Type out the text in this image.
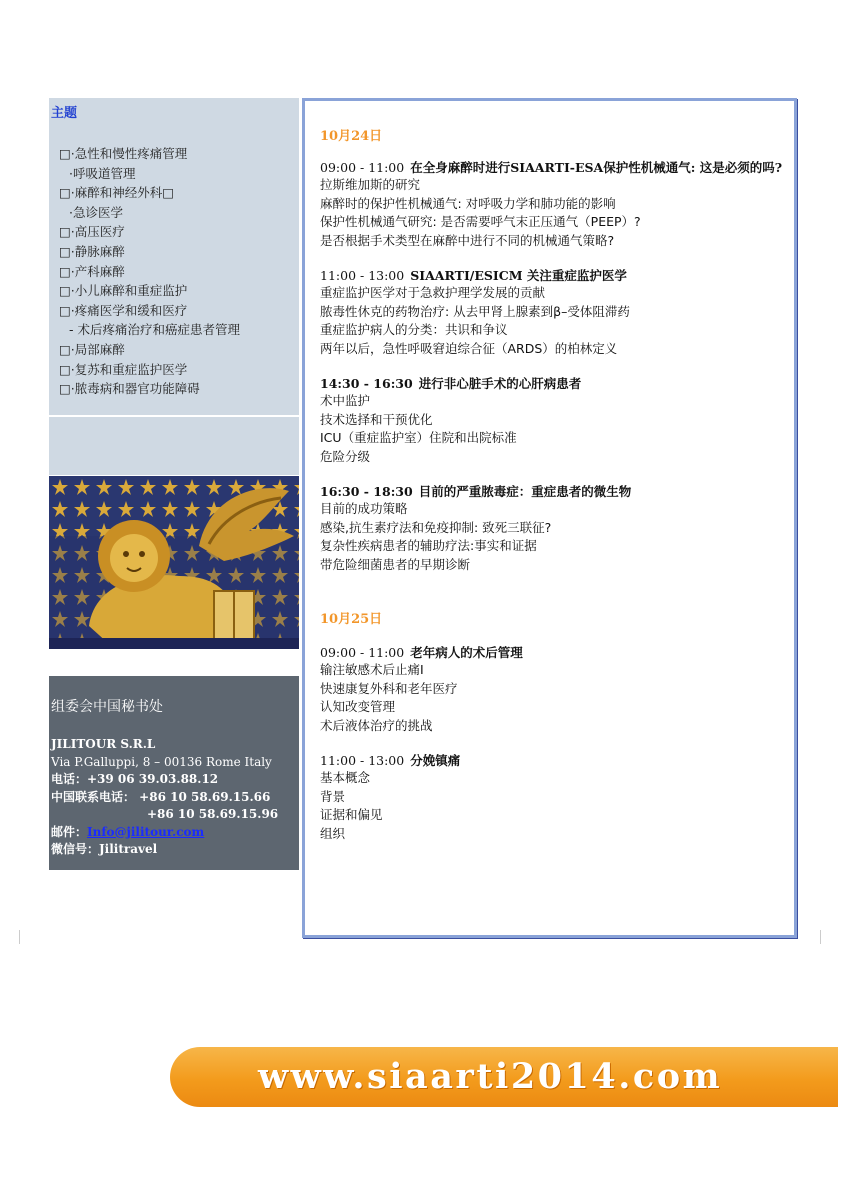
主题
□·急性和慢性疼痛管理
·呼吸道管理
□·麻醉和神经外科□
·急诊医学
□·高压医疗
□·静脉麻醉
□·产科麻醉
□·小儿麻醉和重症监护
□·疼痛医学和缓和医疗
- 术后疼痛治疗和癌症患者管理
□·局部麻醉
□·复苏和重症监护医学
□·脓毒病和器官功能障碍
组委会中国秘书处
JILITOUR S.R.L
Via P.Galluppi, 8 – 00136 Rome Italy
电话：+39 06 39.03.88.12
中国联系电话： +86 10 58.69.15.66
+86 10 58.69.15.96
邮件：Info@jilitour.com
微信号：Jilitravel
10月24日
09:00 - 11:00 在全身麻醉时进行SIAARTI-ESA保护性机械通气: 这是必须的吗?
拉斯维加斯的研究
麻醉时的保护性机械通气: 对呼吸力学和肺功能的影响
保护性机械通气研究: 是否需要呼气末正压通气（PEEP）?
是否根据手术类型在麻醉中进行不同的机械通气策略?
11:00 - 13:00 SIAARTI/ESICM 关注重症监护医学
重症监护医学对于急救护理学发展的贡献
脓毒性休克的药物治疗: 从去甲肾上腺素到β–受体阻滞药
重症监护病人的分类：共识和争议
两年以后，急性呼吸窘迫综合征（ARDS）的柏林定义
14:30 - 16:30 进行非心脏手术的心肝病患者
术中监护
技术选择和干预优化
ICU（重症监护室）住院和出院标准
危险分级
16:30 - 18:30 目前的严重脓毒症：重症患者的微生物
目前的成功策略
感染,抗生素疗法和免疫抑制: 致死三联征?
复杂性疾病患者的辅助疗法:事实和证据
带危险细菌患者的早期诊断
10月25日
09:00 - 11:00 老年病人的术后管理
输注敏感术后止痛I
快速康复外科和老年医疗
认知改变管理
术后液体治疗的挑战
11:00 - 13:00 分娩镇痛
基本概念
背景
证据和偏见
组织
www.siaarti2014.com
